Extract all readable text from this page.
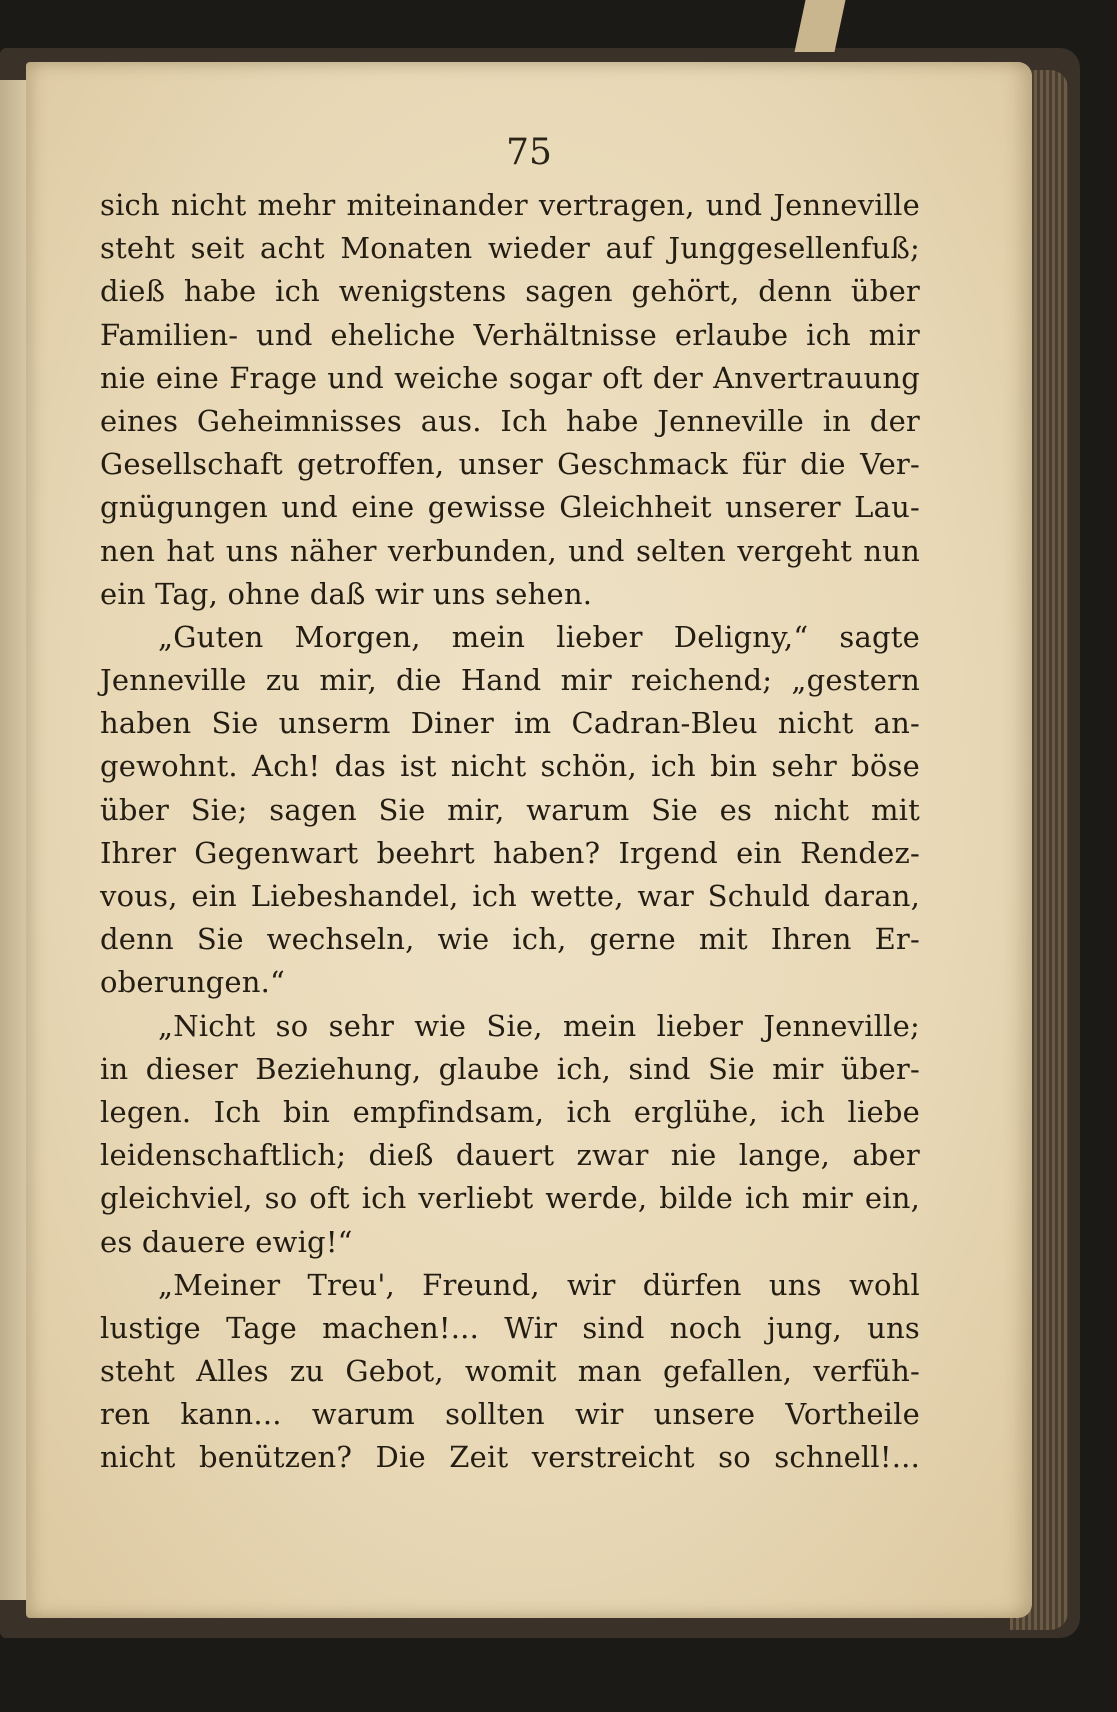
75
sich nicht mehr miteinander vertragen, und Jenneville
steht seit acht Monaten wieder auf Junggesellenfuß;
dieß habe ich wenigstens sagen gehört, denn über
Familien- und eheliche Verhältnisse erlaube ich mir
nie eine Frage und weiche sogar oft der Anvertrauung
eines Geheimnisses aus. Ich habe Jenneville in der
Gesellschaft getroffen, unser Geschmack für die Ver-
gnügungen und eine gewisse Gleichheit unserer Lau-
nen hat uns näher verbunden, und selten vergeht nun
ein Tag, ohne daß wir uns sehen.
„Guten Morgen, mein lieber Deligny,“ sagte
Jenneville zu mir, die Hand mir reichend; „gestern
haben Sie unserm Diner im Cadran-Bleu nicht an-
gewohnt. Ach! das ist nicht schön, ich bin sehr böse
über Sie; sagen Sie mir, warum Sie es nicht mit
Ihrer Gegenwart beehrt haben? Irgend ein Rendez-
vous, ein Liebeshandel, ich wette, war Schuld daran,
denn Sie wechseln, wie ich, gerne mit Ihren Er-
oberungen.“
„Nicht so sehr wie Sie, mein lieber Jenneville;
in dieser Beziehung, glaube ich, sind Sie mir über-
legen. Ich bin empfindsam, ich erglühe, ich liebe
leidenschaftlich; dieß dauert zwar nie lange, aber
gleichviel, so oft ich verliebt werde, bilde ich mir ein,
es dauere ewig!“
„Meiner Treu', Freund, wir dürfen uns wohl
lustige Tage machen!... Wir sind noch jung, uns
steht Alles zu Gebot, womit man gefallen, verfüh-
ren kann... warum sollten wir unsere Vortheile
nicht benützen? Die Zeit verstreicht so schnell!...
